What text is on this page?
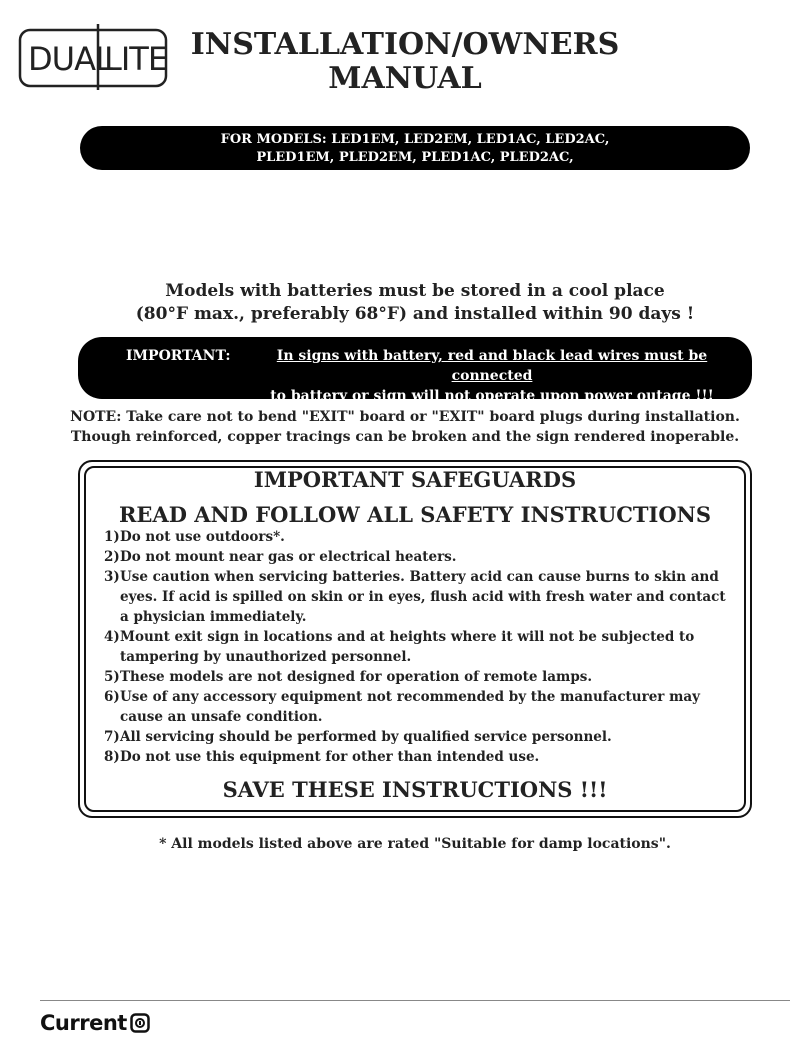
DUAL
LITE INSTALLATION/OWNERS
MANUAL
FOR MODELS: LED1EM, LED2EM, LED1AC, LED2AC,
PLED1EM, PLED2EM, PLED1AC, PLED2AC,
Models with batteries must be stored in a cool place
(80°F max., preferably 68°F) and installed within 90 days !
IMPORTANT:	In signs with battery, red and black lead wires must be connected
to battery or sign will not operate upon power outage !!!
NOTE: Take care not to bend "EXIT" board or "EXIT" board plugs during installation.
Though reinforced, copper tracings can be broken and the sign rendered inoperable.
IMPORTANT SAFEGUARDS
READ AND FOLLOW ALL SAFETY INSTRUCTIONS
1) Do not use outdoors*.
2) Do not mount near gas or electrical heaters.
3) Use caution when servicing batteries. Battery acid can cause burns to skin and eyes. If acid is spilled on skin or in eyes, flush acid with fresh water and contact a physician immediately.
4) Mount exit sign in locations and at heights where it will not be subjected to tampering by unauthorized personnel.
5) These models are not designed for operation of remote lamps.
6) Use of any accessory equipment not recommended by the manufacturer may cause an unsafe condition.
7) All servicing should be performed by qualified service personnel.
8) Do not use this equipment for other than intended use.
SAVE THESE INSTRUCTIONS !!!
* All models listed above are rated "Suitable for damp locations".
Current
